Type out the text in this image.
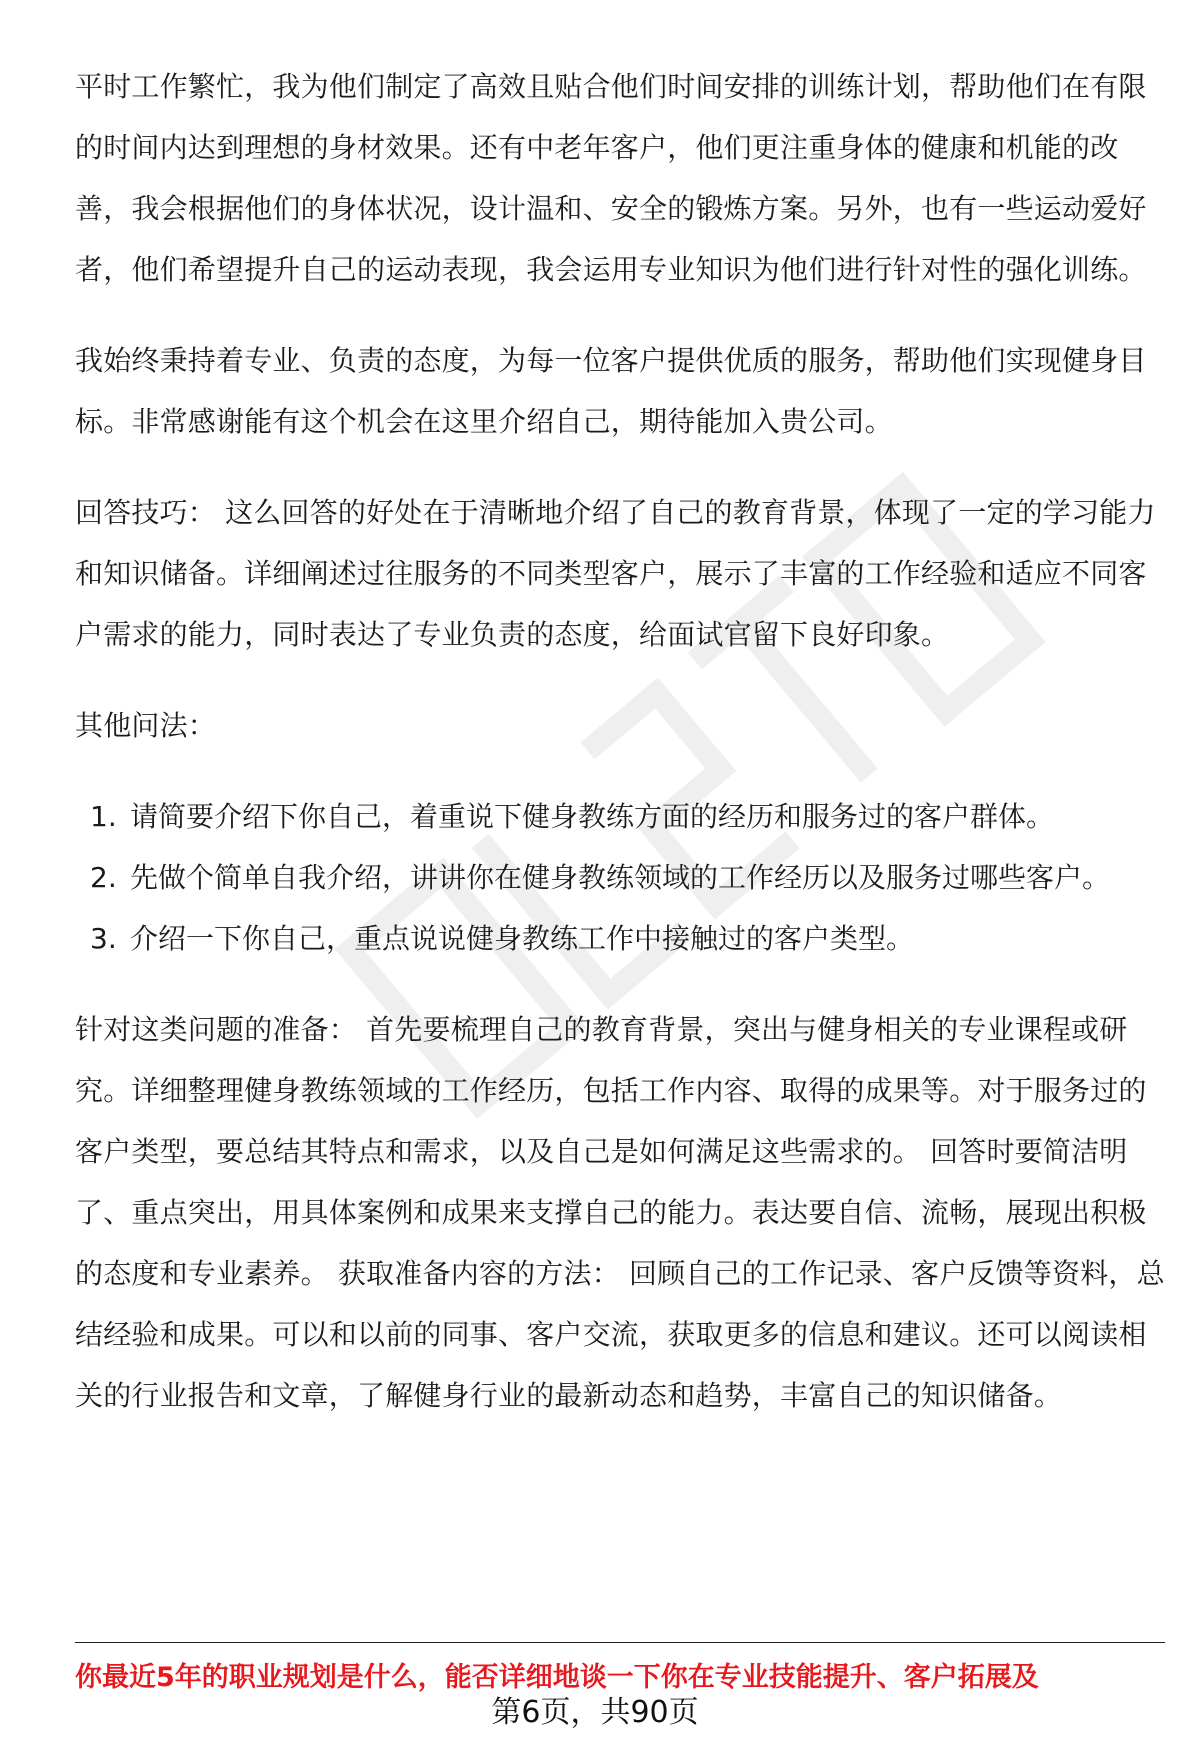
平时工作繁忙，我为他们制定了高效且贴合他们时间安排的训练计划，帮助他们在有限的时间内达到理想的身材效果。还有中老年客户，他们更注重身体的健康和机能的改善，我会根据他们的身体状况，设计温和、安全的锻炼方案。另外，也有一些运动爱好者，他们希望提升自己的运动表现，我会运用专业知识为他们进行针对性的强化训练。

我始终秉持着专业、负责的态度，为每一位客户提供优质的服务，帮助他们实现健身目标。非常感谢能有这个机会在这里介绍自己，期待能加入贵公司。

回答技巧： 这么回答的好处在于清晰地介绍了自己的教育背景，体现了一定的学习能力和知识储备。详细阐述过往服务的不同类型客户，展示了丰富的工作经验和适应不同客户需求的能力，同时表达了专业负责的态度，给面试官留下良好印象。

其他问法：

1. 请简要介绍下你自己，着重说下健身教练方面的经历和服务过的客户群体。
2. 先做个简单自我介绍，讲讲你在健身教练领域的工作经历以及服务过哪些客户。
3. 介绍一下你自己，重点说说健身教练工作中接触过的客户类型。

针对这类问题的准备： 首先要梳理自己的教育背景，突出与健身相关的专业课程或研究。详细整理健身教练领域的工作经历，包括工作内容、取得的成果等。对于服务过的客户类型，要总结其特点和需求，以及自己是如何满足这些需求的。 回答时要简洁明了、重点突出，用具体案例和成果来支撑自己的能力。表达要自信、流畅，展现出积极的态度和专业素养。 获取准备内容的方法： 回顾自己的工作记录、客户反馈等资料，总结经验和成果。可以和以前的同事、客户交流，获取更多的信息和建议。还可以阅读相关的行业报告和文章，了解健身行业的最新动态和趋势，丰富自己的知识储备。

你最近5年的职业规划是什么，能否详细地谈一下你在专业技能提升、客户拓展及
第6页，共90页
